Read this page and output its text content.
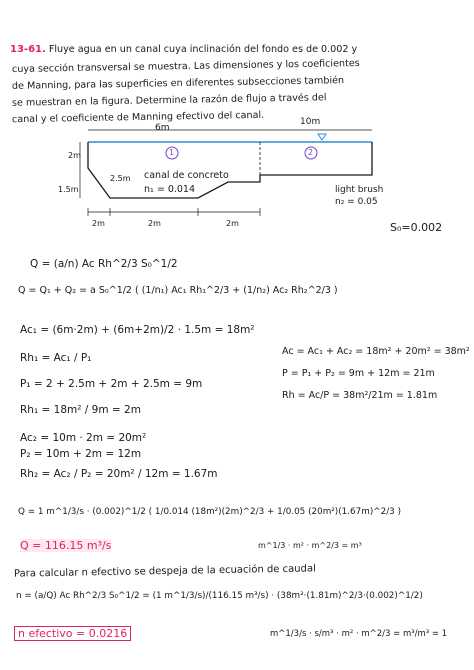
13-61. Fluye agua en un canal cuya inclinación del fondo es de 0.002 y
cuya sección transversal se muestra. Las dimensiones y los coeficientes
de Manning, para las superficies en diferentes subsecciones también
se muestran en la figura. Determine la razón de flujo a través del
canal y el coeficiente de Manning efectivo del canal.
6m
10m
2m
1.5m
2.5m
1	2
canal de concreto
n₁ = 0.014	light brush
n₂ = 0.05
2m	2m	2m	S₀=0.002
Q = (a/n) Ac Rh^2/3 S₀^1/2
Q = Q₁ + Q₂ = a S₀^1/2 ( (1/n₁) Ac₁ Rh₁^2/3 + (1/n₂) Ac₂ Rh₂^2/3 )
Ac₁ = (6m·2m) + (6m+2m)/2 · 1.5m = 18m²
Rh₁ = Ac₁ / P₁
P₁ = 2 + 2.5m + 2m + 2.5m = 9m
Rh₁ = 18m² / 9m = 2m
Ac₂ = 10m · 2m = 20m²
P₂ = 10m + 2m = 12m
Rh₂ = Ac₂ / P₂ = 20m² / 12m = 1.67m
Ac = Ac₁ + Ac₂ = 18m² + 20m² = 38m²
P = P₁ + P₂ = 9m + 12m = 21m
Rh = Ac/P = 38m²/21m = 1.81m
Q = 1 m^1/3/s · (0.002)^1/2 ( 1/0.014 (18m²)(2m)^2/3 + 1/0.05 (20m²)(1.67m)^2/3 )
m^1/3 · m² · m^2/3 = m³
Q = 116.15 m³/s
Para calcular n efectivo se despeja de la ecuación de caudal
n = (a/Q) Ac Rh^2/3 S₀^1/2 = (1 m^1/3/s)/(116.15 m³/s) · (38m²·(1.81m)^2/3·(0.002)^1/2)
n efectivo = 0.0216	m^1/3/s · s/m³ · m² · m^2/3 = m³/m³ = 1
